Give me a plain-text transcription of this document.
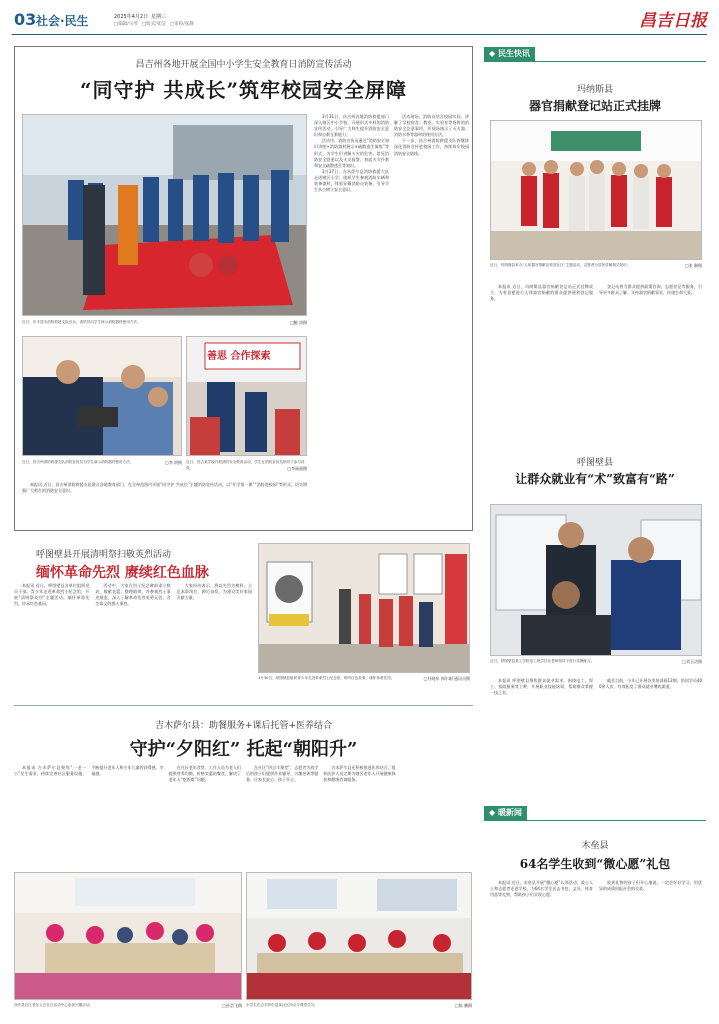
03 社会·民生	2025年4月2日 星期三
□编辑/马琴 □版式/张莹 □审校/张静	昌吉日报
昌吉州各地开展全国中小学生安全教育日消防宣传活动
“同守护 共成长”筑牢校园安全屏障
近日，东丰县市消防救援支队官兵，消防员向学生演示消防器材使用方法。	□鲍 涛摄
近日，昌吉州消防救援支队消防宣传员为学生演示消防器材使用方法。	□李 明摄
善思 合作探索
近日，昌吉某学校开展消防安全教育活动，学生在消防宣传员指导下参与体验。	□李丽丽摄

3月31日，昌吉州各地消防救援部门深入辖区中小学校，开展形式多样的消防宣传活动，引导广大师生提升消防安全意识和自救互救能力。

活动中，消防宣传员通过“消防安全知识讲座+消防器材展示+疏散逃生演练”等形式，为学生们讲解火灾的危害、常见消防安全隐患以及火灾报警、初起火灾扑救和安全疏散逃生等知识。

3月27日，吉木萨尔县消防救援大队走进辖区小学，组织学生参观消防车辆和装备器材，体验穿戴消防员装备，引导学生从小树立安全意识。

活动现场，消防员结合校园实际，讲解了学校宿舍、教室、实验室等场所的消防安全注意事项，并现场演示了灭火器、消防水带等器材的使用方法。

下一步，昌吉州消防救援支队将继续深化消防宣传进校园工作，持续筑牢校园消防安全防线。

本报讯 近日，昌吉州消防救援支队联合各地教育部门，在全州范围内开展“同守护 共成长”主题消防宣传活动，以“开学第一课”“消防进校园”等形式，切实增强广大师生的消防安全意识。

呼图壁县开展清明祭扫敬英烈活动
缅怀革命先烈 赓续红色血脉

本报讯 近日，呼图壁县各单位组织党员干部、青少年走进革命烈士纪念馆，开展“清明祭英烈”主题活动，缅怀革命先烈，传承红色基因。

活动中，大家在烈士纪念碑前肃立默哀，敬献花篮，整理缎带，并参观烈士事迹展览，深入了解革命先烈英勇无畏、舍生取义的感人事迹。

大家纷纷表示，将以先烈为榜样，立足本职岗位，踔厉奋发，为建设美好家园贡献力量。

3月30日，呼图壁县组织青少年走进革命烈士纪念馆，聆听红色故事，缅怀革命先烈。	□杜晓东 郭尔刚 通讯员摄
吉木萨尔县：助餐服务+课后托管+医养结合
守护“夕阳红” 托起“朝阳升”

本报讯 吉木萨尔县聚焦“一老一小”民生需求，持续完善社区服务设施，不断提升老年人和少年儿童的获得感、幸福感。

在社区老年食堂，工作人员为老人们提供营养均衡、价格实惠的餐食，解决了老年人“吃饭难”问题。

在社区“四点半课堂”，志愿者为放学后的孩子们提供作业辅导、兴趣培训等服务，让家长安心、孩子开心。

吉木萨尔县还积极推进医养结合，组织医护人员定期为辖区老年人开展健康体检和健康咨询服务。

西乡县社区老年人在社区活动中心参加兴趣活动。	□孙芸飞摄 小学生在吉木萨尔县某社区四点半课堂学习。	□陈 鹏摄
◆ 民生快讯
玛纳斯县
器官捐献登记站正式挂牌
近日，玛纳斯县举办“人体器官捐献宣传进社区”主题活动，志愿者为居民讲解相关知识。	□张 琳摄

本报讯 近日，玛纳斯县器官捐献登记站正式挂牌成立，为有意愿进行人体器官捐献的群众提供便利登记服务。

登记站将为群众提供政策咨询、志愿登记等服务，引导更多群众了解、支持器官捐献事业，传递生命大爱。

呼图壁县
让群众就业有“术”致富有“路”
近日，呼图壁县某工学院电工班学员在老师指导下进行实操练习。	□刘玉洁摄

本报讯 呼图壁县聚焦群众就业需求，围绕电工、焊工、家政服务等工种，开展职业技能培训，帮助群众掌握一技之长。

截至目前，今年已开展各类培训班12期，培训学员400余人次，有效拓宽了群众就业增收渠道。

◆ 暖新闻
木垒县
64名学生收到“微心愿”礼包

本报讯 近日，木垒县开展“微心愿”认领活动，爱心人士和志愿者走进学校，为64名学生送去书包、文具、体育用品等礼物，帮助孩子们实现心愿。

收到礼物的孩子们开心地说，一定会好好学习，用优异的成绩回报社会的关爱。
